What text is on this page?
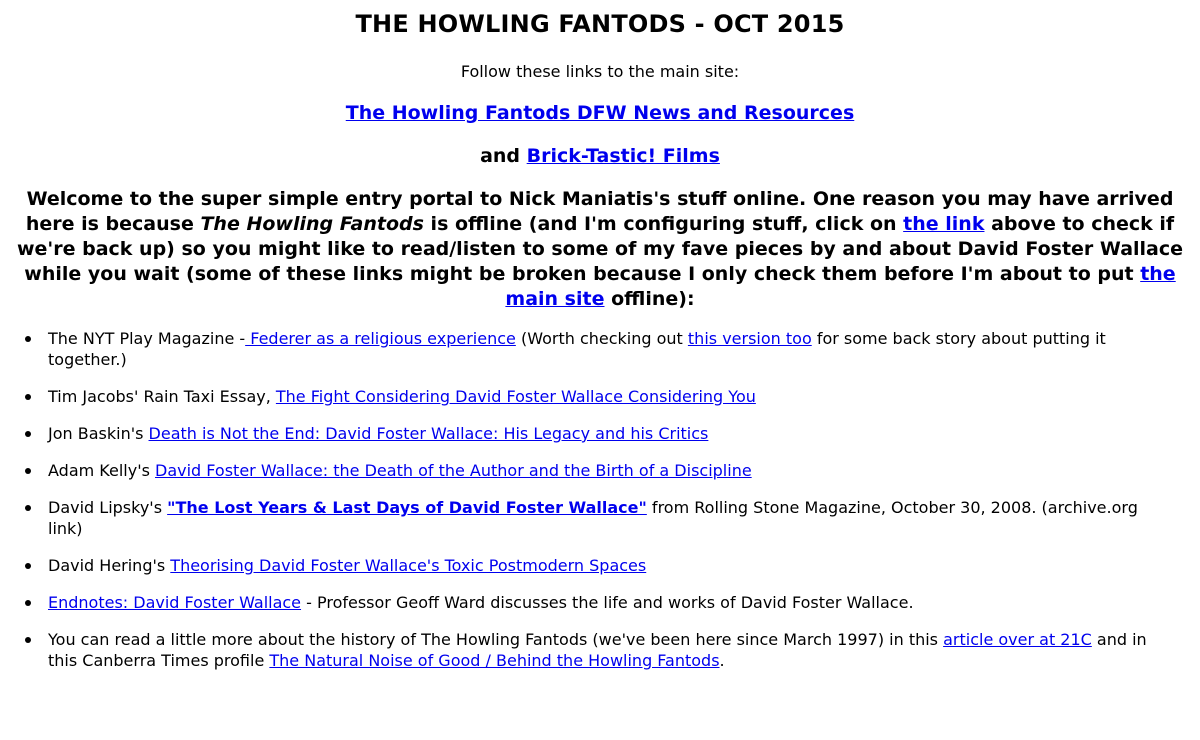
THE HOWLING FANTODS - OCT 2015

Follow these links to the main site:

The Howling Fantods DFW News and Resources

and Brick-Tastic! Films

Welcome to the super simple entry portal to Nick Maniatis's stuff online. One reason you may have arrived here is because The Howling Fantods is offline (and I'm configuring stuff, click on the link above to check if we're back up) so you might like to read/listen to some of my fave pieces by and about David Foster Wallace while you wait (some of these links might be broken because I only check them before I'm about to put the main site offline):

The NYT Play Magazine - Federer as a religious experience (Worth checking out this version too for some back story about putting it together.)
Tim Jacobs' Rain Taxi Essay, The Fight Considering David Foster Wallace Considering You
Jon Baskin's Death is Not the End: David Foster Wallace: His Legacy and his Critics
Adam Kelly's David Foster Wallace: the Death of the Author and the Birth of a Discipline
David Lipsky's "The Lost Years & Last Days of David Foster Wallace" from Rolling Stone Magazine, October 30, 2008. (archive.org link)
David Hering's Theorising David Foster Wallace's Toxic Postmodern Spaces
Endnotes: David Foster Wallace - Professor Geoff Ward discusses the life and works of David Foster Wallace.
You can read a little more about the history of The Howling Fantods (we've been here since March 1997) in this article over at 21C and in this Canberra Times profile The Natural Noise of Good / Behind the Howling Fantods.
